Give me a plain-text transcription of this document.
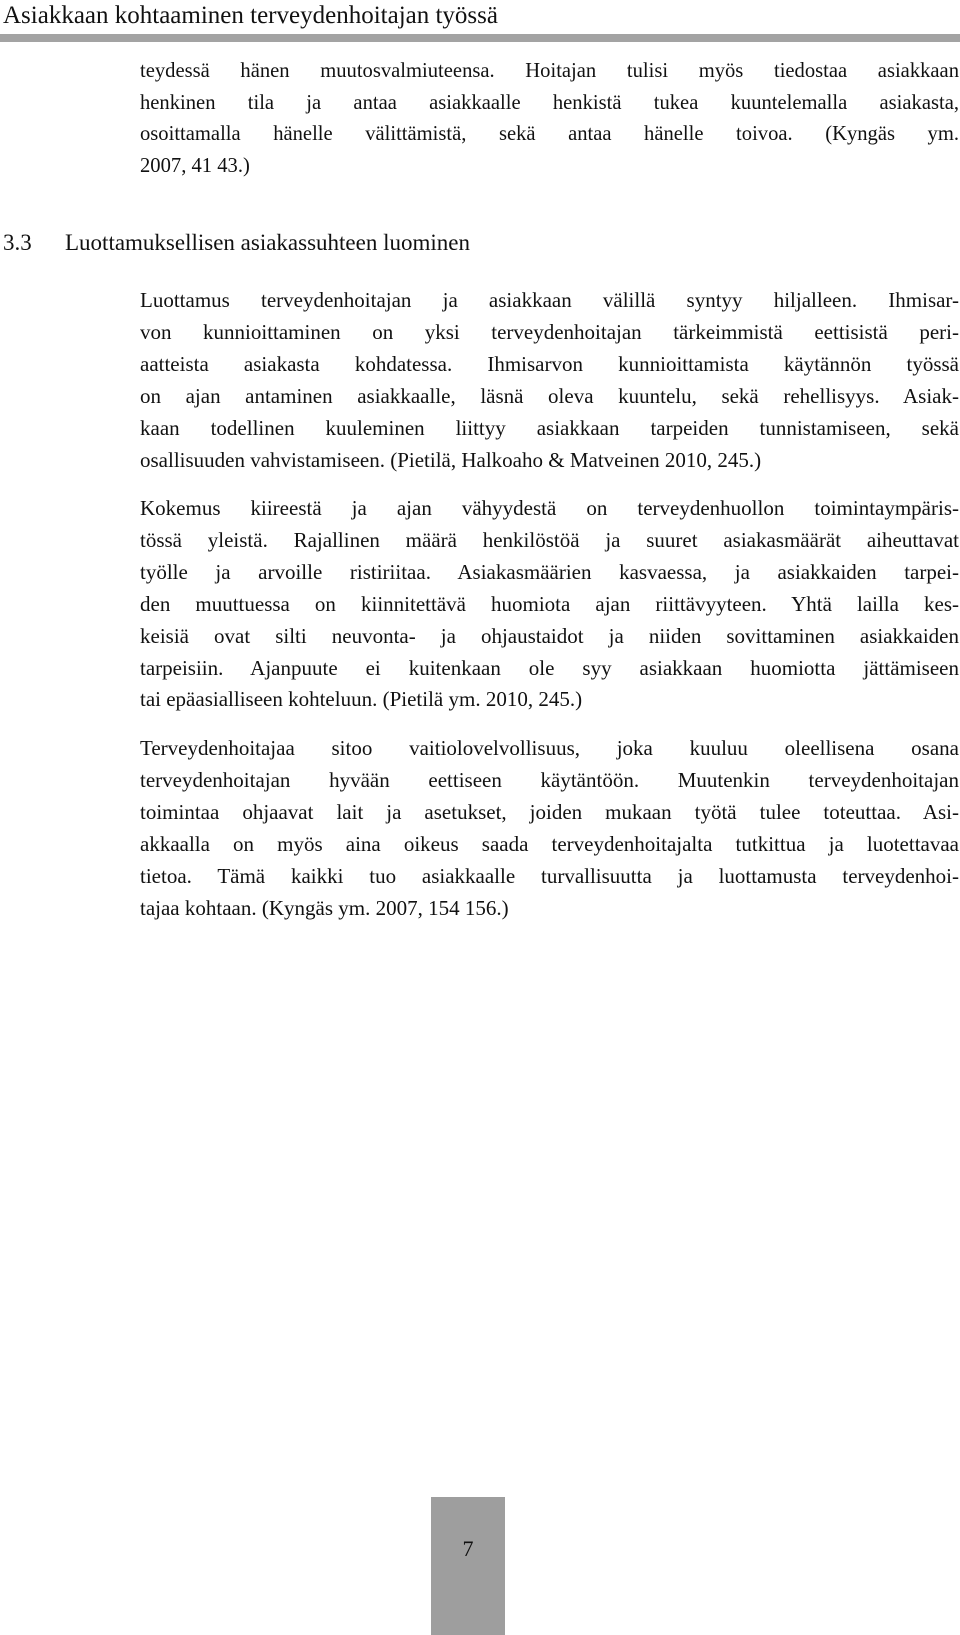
Asiakkaan kohtaaminen terveydenhoitajan työssä
teydessä hänen muutosvalmiuteensa. Hoitajan tulisi myös tiedostaa asiakkaan
henkinen tila ja antaa asiakkaalle henkistä tukea kuuntelemalla asiakasta,
osoittamalla hänelle välittämistä, sekä antaa hänelle toivoa. (Kyngäs ym.
2007, 41 43.)
3.3 Luottamuksellisen asiakassuhteen luominen
Luottamus terveydenhoitajan ja asiakkaan välillä syntyy hiljalleen. Ihmisar-
von kunnioittaminen on yksi terveydenhoitajan tärkeimmistä eettisistä peri-
aatteista asiakasta kohdatessa. Ihmisarvon kunnioittamista käytännön työssä
on ajan antaminen asiakkaalle, läsnä oleva kuuntelu, sekä rehellisyys. Asiak-
kaan todellinen kuuleminen liittyy asiakkaan tarpeiden tunnistamiseen, sekä
osallisuuden vahvistamiseen. (Pietilä, Halkoaho & Matveinen 2010, 245.)
Kokemus kiireestä ja ajan vähyydestä on terveydenhuollon toimintaympäris-
tössä yleistä. Rajallinen määrä henkilöstöä ja suuret asiakasmäärät aiheuttavat
työlle ja arvoille ristiriitaa. Asiakasmäärien kasvaessa, ja asiakkaiden tarpei-
den muuttuessa on kiinnitettävä huomiota ajan riittävyyteen. Yhtä lailla kes-
keisiä ovat silti neuvonta- ja ohjaustaidot ja niiden sovittaminen asiakkaiden
tarpeisiin. Ajanpuute ei kuitenkaan ole syy asiakkaan huomiotta jättämiseen
tai epäasialliseen kohteluun. (Pietilä ym. 2010, 245.)
Terveydenhoitajaa sitoo vaitiolovelvollisuus, joka kuuluu oleellisena osana
terveydenhoitajan hyvään eettiseen käytäntöön. Muutenkin terveydenhoitajan
toimintaa ohjaavat lait ja asetukset, joiden mukaan työtä tulee toteuttaa. Asi-
akkaalla on myös aina oikeus saada terveydenhoitajalta tutkittua ja luotettavaa
tietoa. Tämä kaikki tuo asiakkaalle turvallisuutta ja luottamusta terveydenhoi-
tajaa kohtaan. (Kyngäs ym. 2007, 154 156.)
7
